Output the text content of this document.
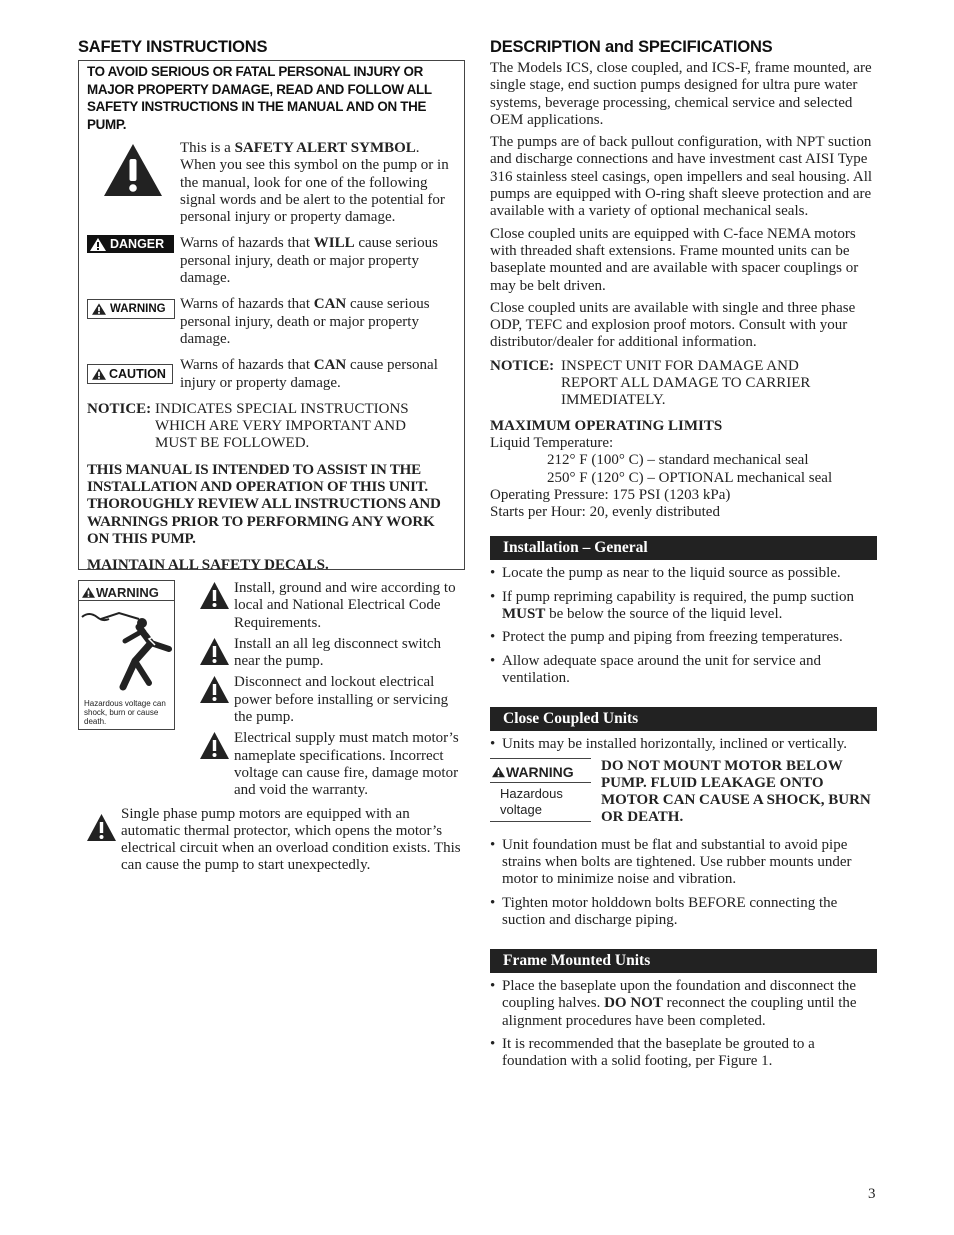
SAFETY INSTRUCTIONS
TO AVOID SERIOUS OR FATAL PERSONAL INJURY OR MAJOR PROPERTY DAMAGE, READ AND FOLLOW ALL SAFETY INSTRUCTIONS IN THE MANUAL AND ON THE PUMP.
This is a SAFETY ALERT SYMBOL. When you see this symbol on the pump or in the manual, look for one of the following signal words and be alert to the potential for personal injury or property damage.
DANGER Warns of hazards that WILL cause serious personal injury, death or major property damage.
WARNING Warns of hazards that CAN cause serious personal injury, death or major property damage.
CAUTION
Warns of hazards that CAN cause personal injury or property damage.
NOTICE: INDICATES SPECIAL INSTRUCTIONS WHICH ARE VERY IMPORTANT AND MUST BE FOLLOWED.

THIS MANUAL IS INTENDED TO ASSIST IN THE INSTALLATION AND OPERATION OF THIS UNIT. THOROUGHLY REVIEW ALL INSTRUCTIONS AND WARNINGS PRIOR TO PERFORMING ANY WORK ON THIS PUMP.

MAINTAIN ALL SAFETY DECALS.

WARNING
Hazardous voltage can shock, burn or cause death.
Install, ground and wire according to local and National Electrical Code Requirements.
Install an all leg disconnect switch near the pump.
Disconnect and lockout electrical power before installing or servicing the pump.
Electrical supply must match motor’s nameplate specifications. Incorrect voltage can cause fire, damage motor and void the warranty.
Single phase pump motors are equipped with an automatic thermal protector, which opens the motor’s electrical circuit when an overload condition exists. This can cause the pump to start unexpectedly.
DESCRIPTION and SPECIFICATIONS

The Models ICS, close coupled, and ICS-F, frame mounted, are single stage, end suction pumps designed for ultra pure water systems, beverage processing, chemical service and selected OEM applications.

The pumps are of back pullout configuration, with NPT suction and discharge connections and have investment cast AISI Type 316 stainless steel casings, open impellers and seal housing. All pumps are equipped with O-ring shaft sleeve protection and are available with a variety of optional mechanical seals.

Close coupled units are equipped with C-face NEMA motors with threaded shaft extensions. Frame mounted units can be baseplate mounted and are available with spacer couplings or may be belt driven.

Close coupled units are available with single and three phase ODP, TEFC and explosion proof motors. Consult with your distributor/dealer for additional information.

NOTICE: INSPECT UNIT FOR DAMAGE AND REPORT ALL DAMAGE TO CARRIER IMMEDIATELY.

MAXIMUM OPERATING LIMITS

Liquid Temperature:

212° F (100° C) – standard mechanical seal

250° F (120° C) – OPTIONAL mechanical seal

Operating Pressure: 175 PSI (1203 kPa)

Starts per Hour: 20, evenly distributed

Installation – General
• Locate the pump as near to the liquid source as possible.
• If pump repriming capability is required, the pump suction MUST be below the source of the liquid level.
• Protect the pump and piping from freezing temperatures.
• Allow adequate space around the unit for service and ventilation.
Close Coupled Units
• Units may be installed horizontally, inclined or vertically.
WARNING
Hazardous voltage

DO NOT MOUNT MOTOR BELOW PUMP. FLUID LEAKAGE ONTO MOTOR CAN CAUSE A SHOCK, BURN OR DEATH.

• Unit foundation must be flat and substantial to avoid pipe strains when bolts are tightened. Use rubber mounts under motor to minimize noise and vibration.
• Tighten motor holddown bolts BEFORE connecting the suction and discharge piping.
Frame Mounted Units
• Place the baseplate upon the foundation and disconnect the coupling halves. DO NOT reconnect the coupling until the alignment procedures have been completed.
• It is recommended that the baseplate be grouted to a foundation with a solid footing, per Figure 1.
3
